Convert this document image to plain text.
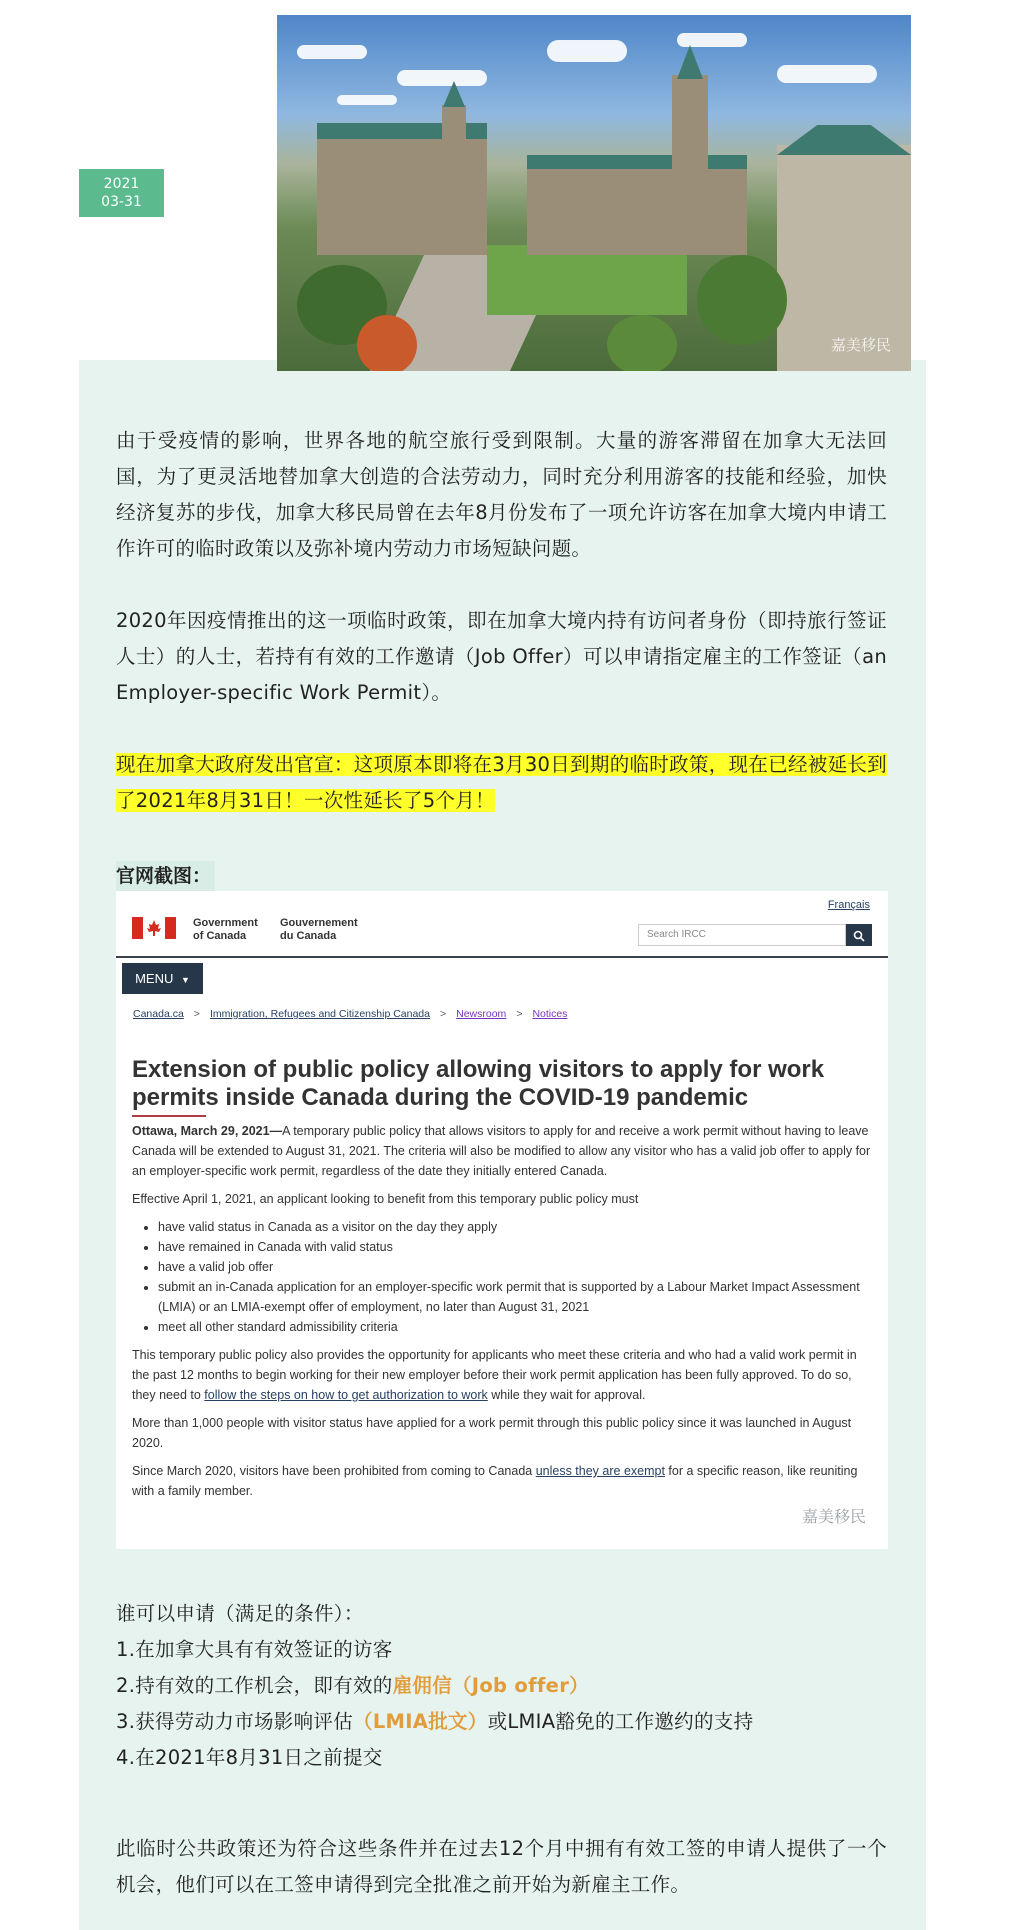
2021
03-31
嘉美移民

由于受疫情的影响，世界各地的航空旅行受到限制。大量的游客滞留在加拿大无法回国，为了更灵活地替加拿大创造的合法劳动力，同时充分利用游客的技能和经验，加快经济复苏的步伐，加拿大移民局曾在去年8月份发布了一项允许访客在加拿大境内申请工作许可的临时政策以及弥补境内劳动力市场短缺问题。

2020年因疫情推出的这一项临时政策，即在加拿大境内持有访问者身份（即持旅行签证人士）的人士，若持有有效的工作邀请（Job Offer）可以申请指定雇主的工作签证（an Employer-specific Work Permit）。

现在加拿大政府发出官宣：这项原本即将在3月30日到期的临时政策，现在已经被延长到了2021年8月31日！一次性延长了5个月！

官网截图：
Français
Government
of Canada
Gouvernement
du Canada	Search IRCC
MENU ▼
Canada.ca > Immigration, Refugees and Citizenship Canada > Newsroom > Notices
Extension of public policy allowing visitors to apply for work permits inside Canada during the COVID-19 pandemic

Ottawa, March 29, 2021—A temporary public policy that allows visitors to apply for and receive a work permit without having to leave Canada will be extended to August 31, 2021. The criteria will also be modified to allow any visitor who has a valid job offer to apply for an employer-specific work permit, regardless of the date they initially entered Canada.

Effective April 1, 2021, an applicant looking to benefit from this temporary public policy must

• have valid status in Canada as a visitor on the day they apply
• have remained in Canada with valid status
• have a valid job offer
• submit an in-Canada application for an employer-specific work permit that is supported by a Labour Market Impact Assessment (LMIA) or an LMIA-exempt offer of employment, no later than August 31, 2021
• meet all other standard admissibility criteria

This temporary public policy also provides the opportunity for applicants who meet these criteria and who had a valid work permit in the past 12 months to begin working for their new employer before their work permit application has been fully approved. To do so, they need to follow the steps on how to get authorization to work while they wait for approval.

More than 1,000 people with visitor status have applied for a work permit through this public policy since it was launched in August 2020.

Since March 2020, visitors have been prohibited from coming to Canada unless they are exempt for a specific reason, like reuniting with a family member.

嘉美移民

谁可以申请（满足的条件）：

1.在加拿大具有有效签证的访客

2.持有效的工作机会，即有效的雇佣信（Job offer）

3.获得劳动力市场影响评估（LMIA批文）或LMIA豁免的工作邀约的支持

4.在2021年8月31日之前提交

此临时公共政策还为符合这些条件并在过去12个月中拥有有效工签的申请人提供了一个机会，他们可以在工签申请得到完全批准之前开始为新雇主工作。
